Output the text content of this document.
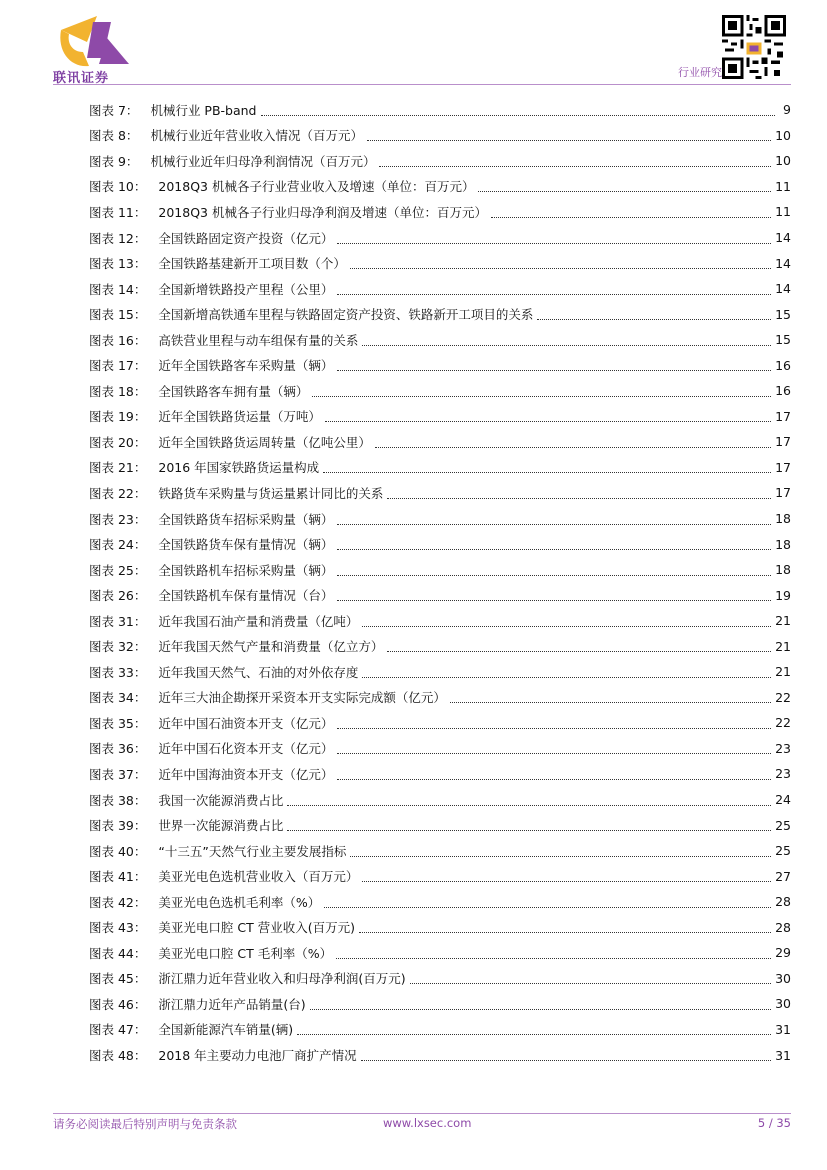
联讯证券	行业研究
图表 7： 机械行业 PB-band	9
图表 8： 机械行业近年营业收入情况（百万元）	10
图表 9： 机械行业近年归母净利润情况（百万元）	10
图表 10： 2018Q3 机械各子行业营业收入及增速（单位：百万元）	11
图表 11： 2018Q3 机械各子行业归母净利润及增速（单位：百万元）	11
图表 12： 全国铁路固定资产投资（亿元）	14
图表 13： 全国铁路基建新开工项目数（个）	14
图表 14： 全国新增铁路投产里程（公里）	14
图表 15： 全国新增高铁通车里程与铁路固定资产投资、铁路新开工项目的关系	15
图表 16： 高铁营业里程与动车组保有量的关系	15
图表 17： 近年全国铁路客车采购量（辆）	16
图表 18： 全国铁路客车拥有量（辆）	16
图表 19： 近年全国铁路货运量（万吨）	17
图表 20： 近年全国铁路货运周转量（亿吨公里）	17
图表 21： 2016 年国家铁路货运量构成	17
图表 22： 铁路货车采购量与货运量累计同比的关系	17
图表 23： 全国铁路货车招标采购量（辆）	18
图表 24： 全国铁路货车保有量情况（辆）	18
图表 25： 全国铁路机车招标采购量（辆）	18
图表 26： 全国铁路机车保有量情况（台）	19
图表 31： 近年我国石油产量和消费量（亿吨）	21
图表 32： 近年我国天然气产量和消费量（亿立方）	21
图表 33： 近年我国天然气、石油的对外依存度	21
图表 34： 近年三大油企勘探开采资本开支实际完成额（亿元）	22
图表 35： 近年中国石油资本开支（亿元）	22
图表 36： 近年中国石化资本开支（亿元）	23
图表 37： 近年中国海油资本开支（亿元）	23
图表 38： 我国一次能源消费占比	24
图表 39： 世界一次能源消费占比	25
图表 40： “十三五”天然气行业主要发展指标	25
图表 41： 美亚光电色选机营业收入（百万元）	27
图表 42： 美亚光电色选机毛利率（%）	28
图表 43： 美亚光电口腔 CT 营业收入(百万元)	28
图表 44： 美亚光电口腔 CT 毛利率（%）	29
图表 45： 浙江鼎力近年营业收入和归母净利润(百万元)	30
图表 46： 浙江鼎力近年产品销量(台)	30
图表 47： 全国新能源汽车销量(辆)	31
图表 48： 2018 年主要动力电池厂商扩产情况	31
请务必阅读最后特别声明与免责条款	www.lxsec.com	5 / 35
